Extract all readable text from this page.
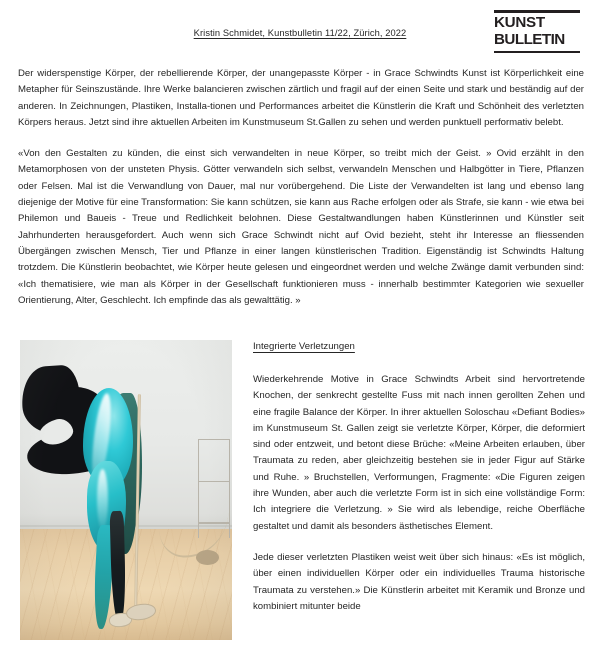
Kristin Schmidet, Kunstbulletin 11/22, Zürich, 2022
KUNST
BULLETIN

Der widerspenstige Körper, der rebellierende Körper, der unangepasste Körper - in Grace Schwindts Kunst ist Körperlichkeit eine Metapher für Seinszustände. Ihre Werke balancieren zwischen zärtlich und fragil auf der einen Seite und stark und beständig auf der anderen. In Zeichnungen, Plastiken, Installa-tionen und Performances arbeitet die Künstlerin die Kraft und Schönheit des verletzten Körpers heraus. Jetzt sind ihre aktuellen Arbeiten im Kunstmuseum St.Gallen zu sehen und werden punktuell performativ belebt.

«Von den Gestalten zu künden, die einst sich verwandelten in neue Körper, so treibt mich der Geist. » Ovid erzählt in den Metamorphosen von der unsteten Physis. Götter verwandeln sich selbst, verwandeln Menschen und Halbgötter in Tiere, Pflanzen oder Felsen. Mal ist die Verwandlung von Dauer, mal nur vorübergehend. Die Liste der Verwandelten ist lang und ebenso lang diejenige der Motive für eine Transformation: Sie kann schützen, sie kann aus Rache erfolgen oder als Strafe, sie kann - wie etwa bei Philemon und Baueis - Treue und Redlichkeit belohnen. Diese Gestaltwandlungen haben Künstlerinnen und Künstler seit Jahrhunderten herausgefordert. Auch wenn sich Grace Schwindt nicht auf Ovid bezieht, steht ihr Interesse an fliessenden Übergängen zwischen Mensch, Tier und Pflanze in einer langen künstlerischen Tradition. Eigenständig ist Schwindts Haltung trotzdem. Die Künstlerin beobachtet, wie Körper heute gelesen und eingeordnet werden und welche Zwänge damit verbunden sind: «Ich thematisiere, wie man als Körper in der Gesellschaft funktionieren muss - innerhalb bestimmter Kategorien wie sexueller Orientierung, Alter, Geschlecht. Ich empfinde das als gewalttätig. »

Integrierte Verletzungen

Wiederkehrende Motive in Grace Schwindts Arbeit sind hervortretende Knochen, der senkrecht gestellte Fuss mit nach innen gerollten Zehen und eine fragile Balance der Körper. In ihrer aktuellen Soloschau «Defiant Bodies» im Kunstmuseum St. Gallen zeigt sie verletzte Körper, Körper, die deformiert sind oder entzweit, und betont diese Brüche: «Meine Arbeiten erlauben, über Traumata zu reden, aber gleichzeitig bestehen sie in jeder Figur auf Stärke und Ruhe. » Bruchstellen, Verformungen, Fragmente: «Die Figuren zeigen ihre Wunden, aber auch die verletzte Form ist in sich eine vollständige Form: Ich integriere die Verletzung. » Sie wird als lebendige, reiche Oberfläche gestaltet und damit als besonders ästhetisches Element.

Jede dieser verletzten Plastiken weist weit über sich hinaus: «Es ist möglich, über einen individuellen Körper oder ein individuelles Trauma historische Traumata zu verstehen.» Die Künstlerin arbeitet mit Keramik und Bronze und kombiniert mitunter beide
